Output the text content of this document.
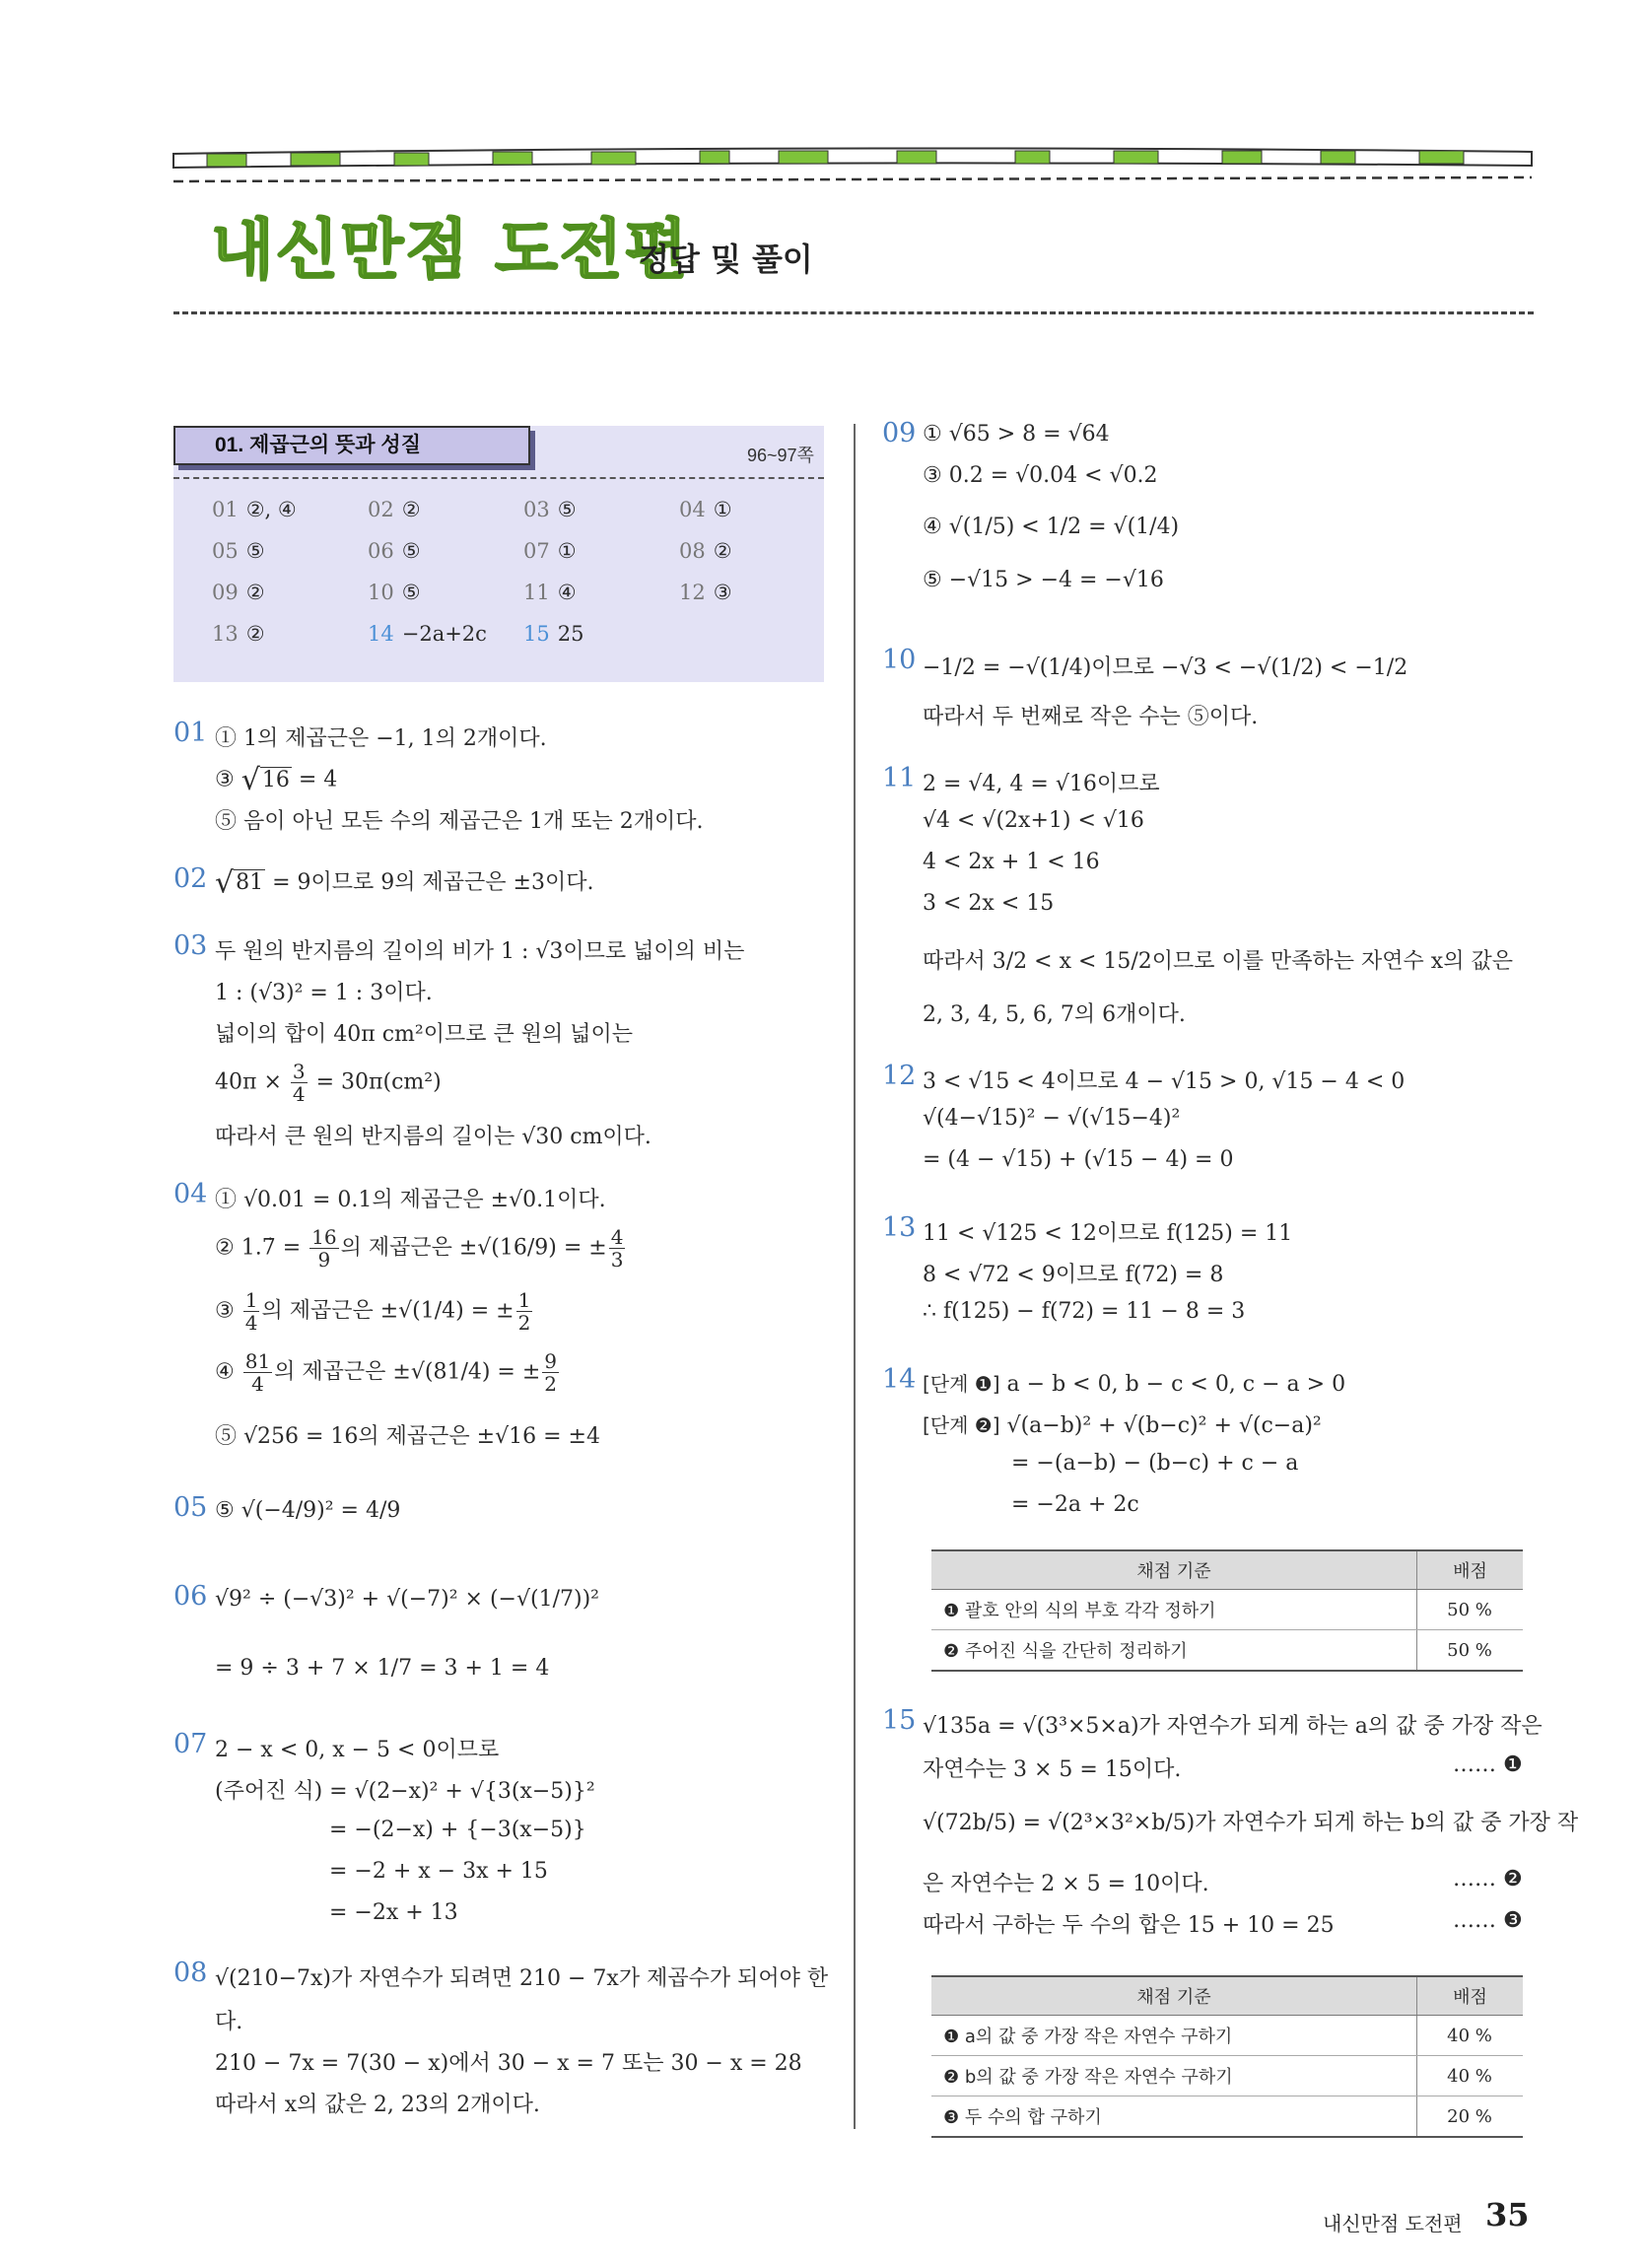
내신만점 도전편
정답 및 풀이
01. 제곱근의 뜻과 성질	96~97쪽
01 ②, ④	02 ②	03 ⑤	04 ①
05 ⑤	06 ⑤	07 ①	08 ②
09 ②	10 ⑤	11 ④	12 ③
13 ②	14 −2a+2c	15 25
01 ① 1의 제곱근은 −1, 1의 2개이다.
③ √16 = 4
⑤ 음이 아닌 모든 수의 제곱근은 1개 또는 2개이다.
02 √81 = 9이므로 9의 제곱근은 ±3이다.
03 두 원의 반지름의 길이의 비가 1 : √3이므로 넓이의 비는
1 : (√3)² = 1 : 3이다.
넓이의 합이 40π cm²이므로 큰 원의 넓이는
$40\pi \times \frac{3}{4} = 30\pi(cm^2)$
따라서 큰 원의 반지름의 길이는 √30 cm이다.
04 ① √0.01 = 0.1의 제곱근은 ±√0.1이다.
② 1.7̇ = $\frac{16}{9}$ 의 제곱근은 ±√(16/9) = ± $\frac{4}{3}$
③ $\frac{1}{4}$ 의 제곱근은 ±√(1/4) = ± $\frac{1}{2}$
④ $\frac{81}{4}$ 의 제곱근은 ±√(81/4) = ± $\frac{9}{2}$
⑤ √256 = 16의 제곱근은 ±√16 = ±4
05 ⑤ √(−4/9)² = 4/9
06 √9² ÷ (−√3)² + √(−7)² × (−√(1/7))²
= 9 ÷ 3 + 7 × 1/7 = 3 + 1 = 4
07 2 − x < 0, x − 5 < 0이므로
(주어진 식) = √(2−x)² + √{3(x−5)}²
= −(2−x) + {−3(x−5)}
= −2 + x − 3x + 15
= −2x + 13
08 √(210−7x)가 자연수가 되려면 210 − 7x가 제곱수가 되어야 한
다.
210 − 7x = 7(30 − x)에서 30 − x = 7 또는 30 − x = 28
따라서 x의 값은 2, 23의 2개이다.
09 ① √65 > 8 = √64
③ 0.2 = √0.04 < √0.2
④ √(1/5) < 1/2 = √(1/4)
⑤ −√15 > −4 = −√16
10 −1/2 = −√(1/4)이므로 −√3 < −√(1/2) < −1/2
따라서 두 번째로 작은 수는 ⑤이다.
11 2 = √4, 4 = √16이므로
√4 < √(2x+1) < √16
4 < 2x + 1 < 16
3 < 2x < 15
따라서 3/2 < x < 15/2이므로 이를 만족하는 자연수 x의 값은
2, 3, 4, 5, 6, 7의 6개이다.
12 3 < √15 < 4이므로 4 − √15 > 0, √15 − 4 < 0
√(4−√15)² − √(√15−4)²
= (4 − √15) + (√15 − 4) = 0
13 11 < √125 < 12이므로 f(125) = 11
8 < √72 < 9이므로 f(72) = 8
∴ f(125) − f(72) = 11 − 8 = 3
14 [단계 ❶] a − b < 0, b − c < 0, c − a > 0
[단계 ❷] √(a−b)² + √(b−c)² + √(c−a)²
= −(a−b) − (b−c) + c − a
= −2a + 2c
채점 기준	배점
❶ 괄호 안의 식의 부호 각각 정하기	50 %
❷ 주어진 식을 간단히 정리하기	50 %
15 √135a = √(3³×5×a)가 자연수가 되게 하는 a의 값 중 가장 작은
자연수는 3 × 5 = 15이다.	…… ❶
√(72b/5) = √(2³×3²×b/5)가 자연수가 되게 하는 b의 값 중 가장 작
은 자연수는 2 × 5 = 10이다.	…… ❷
따라서 구하는 두 수의 합은 15 + 10 = 25	…… ❸
채점 기준	배점
❶ a의 값 중 가장 작은 자연수 구하기	40 %
❷ b의 값 중 가장 작은 자연수 구하기	40 %
❸ 두 수의 합 구하기	20 %
내신만점 도전편 35
